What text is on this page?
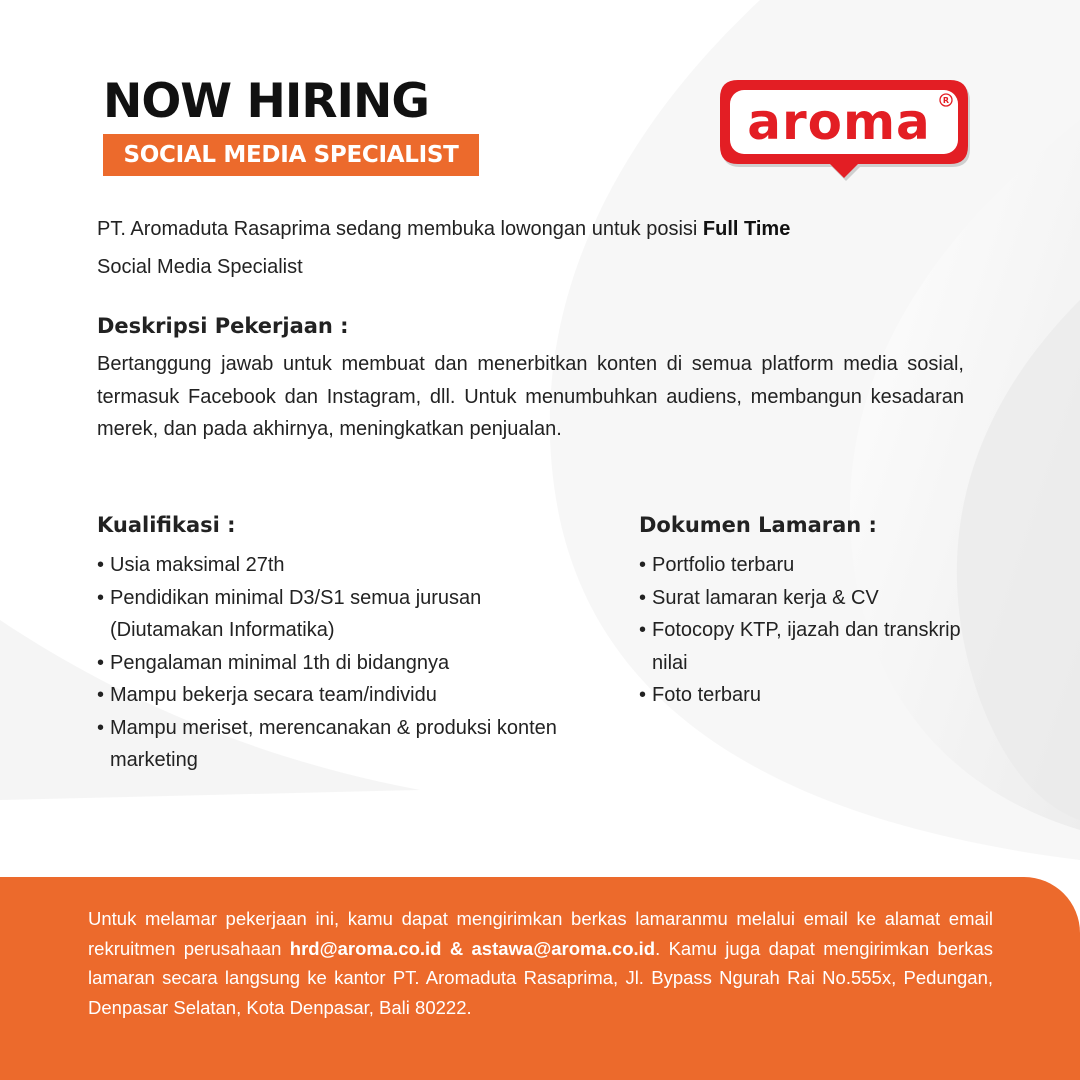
NOW HIRING
SOCIAL MEDIA SPECIALIST
aroma R

PT. Aromaduta Rasaprima sedang membuka lowongan untuk posisi Full Time
Social Media Specialist

Deskripsi Pekerjaan :

Bertanggung jawab untuk membuat dan menerbitkan konten di semua platform media sosial, termasuk Facebook dan Instagram, dll. Untuk menumbuhkan audiens, membangun kesadaran merek, dan pada akhirnya, meningkatkan penjualan.

Kualifikasi :
• Usia maksimal 27th
• Pendidikan minimal D3/S1 semua jurusan (Diutamakan Informatika)
• Pengalaman minimal 1th di bidangnya
• Mampu bekerja secara team/individu
• Mampu meriset, merencanakan & produksi konten marketing
Dokumen Lamaran :
• Portfolio terbaru
• Surat lamaran kerja & CV
• Fotocopy KTP, ijazah dan transkrip nilai
• Foto terbaru

Untuk melamar pekerjaan ini, kamu dapat mengirimkan berkas lamaranmu melalui email ke alamat email rekruitmen perusahaan hrd@aroma.co.id & astawa@aroma.co.id. Kamu juga dapat mengirimkan berkas lamaran secara langsung ke kantor PT. Aromaduta Rasaprima, Jl. Bypass Ngurah Rai No.555x, Pedungan, Denpasar Selatan, Kota Denpasar, Bali 80222.
